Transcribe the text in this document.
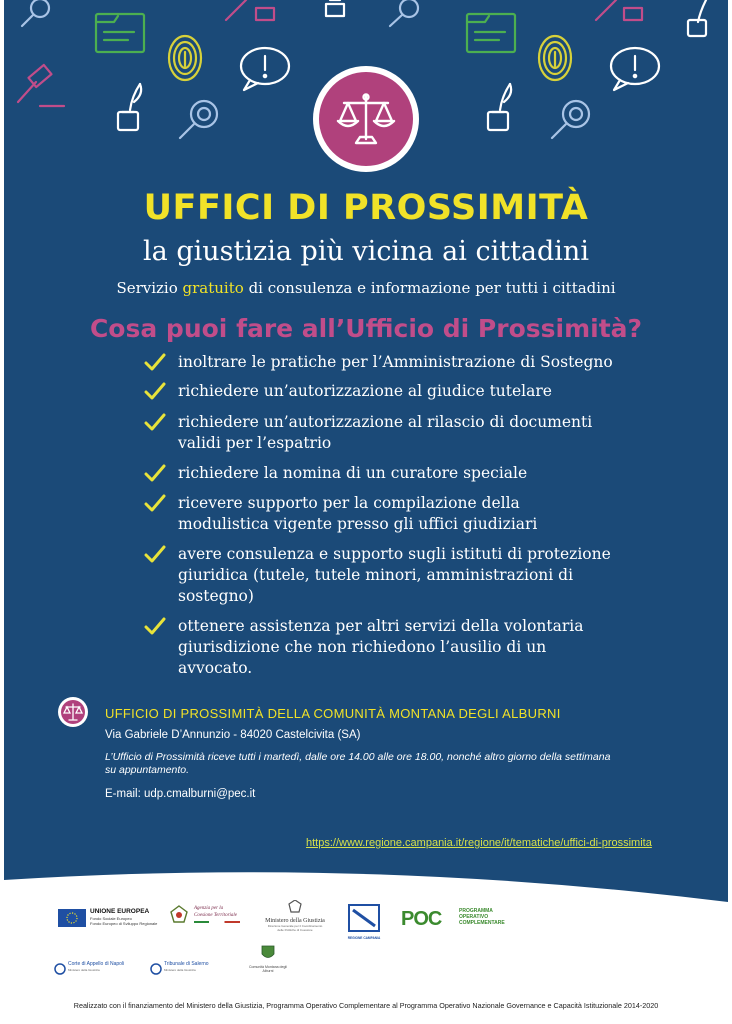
UFFICI DI PROSSIMITÀ
la giustizia più vicina ai cittadini
Servizio gratuito di consulenza e informazione per tutti i cittadini
Cosa puoi fare all’Ufficio di Prossimità?
inoltrare le pratiche per l’Amministrazione di Sostegno
richiedere un’autorizzazione al giudice tutelare
richiedere un’autorizzazione al rilascio di documenti
validi per l’espatrio
richiedere la nomina di un curatore speciale
ricevere supporto per la compilazione della
modulistica vigente presso gli uffici giudiziari
avere consulenza e supporto sugli istituti di protezione
giuridica (tutele, tutele minori, amministrazioni di
sostegno)
ottenere assistenza per altri servizi della volontaria
giurisdizione che non richiedono l’ausilio di un
avvocato.
UFFICIO DI PROSSIMITÀ DELLA COMUNITÀ MONTANA DEGLI ALBURNI
Via Gabriele D’Annunzio - 84020 Castelcivita (SA)
L’Ufficio di Prossimità riceve tutti i martedì, dalle ore 14.00 alle ore 18.00, nonché altro giorno della settimana
su appuntamento.
E-mail: udp.cmalburni@pec.it
https://www.regione.campania.it/regione/it/tematiche/uffici-di-prossimita
UNIONE EUROPEA
Fondo Sociale Europeo
Fondo Europeo di Sviluppo Regionale
Agenzia per la
Coesione Territoriale
Ministero della Giustizia
Direzione Generale per il Coordinamento
delle Politiche di Coesione
REGIONE CAMPANIA
POC	PROGRAMMA
OPERATIVO
COMPLEMENTARE
Corte di Appello di Napoli
Ministero della Giustizia
Tribunale di Salerno
Ministero della Giustizia
Comunità Montana degli
Alburni
Realizzato con il finanziamento del Ministero della Giustizia, Programma Operativo Complementare al Programma Operativo Nazionale Governance e Capacità Istituzionale 2014-2020
